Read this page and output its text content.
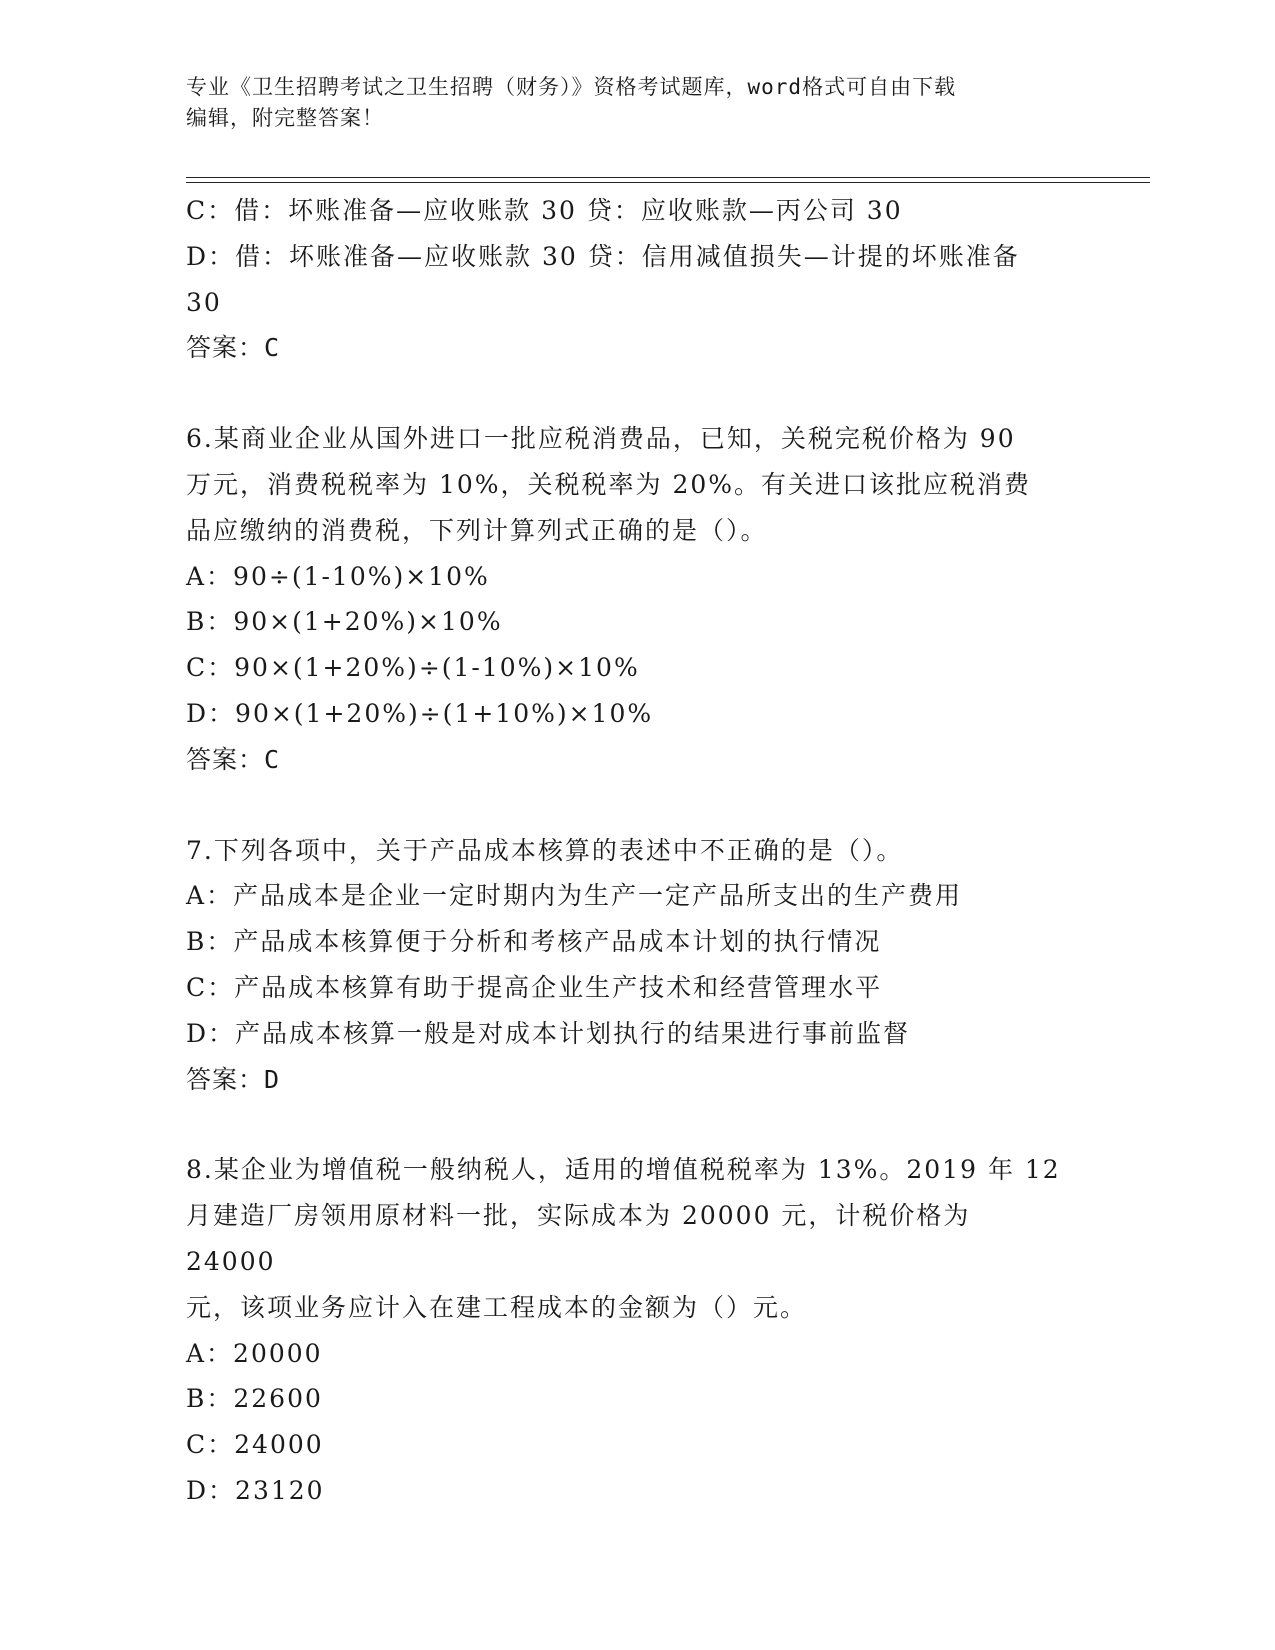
专业《卫生招聘考试之卫生招聘（财务）》资格考试题库，word格式可自由下载
编辑，附完整答案！
C：借：坏账准备—应收账款 30 贷：应收账款—丙公司 30
D：借：坏账准备—应收账款 30 贷：信用减值损失—计提的坏账准备
30
答案：C
6.某商业企业从国外进口一批应税消费品，已知，关税完税价格为 90
万元，消费税税率为 10%，关税税率为 20%。有关进口该批应税消费
品应缴纳的消费税，下列计算列式正确的是（）。
A：90÷(1-10%)×10%
B：90×(1+20%)×10%
C：90×(1+20%)÷(1-10%)×10%
D：90×(1+20%)÷(1+10%)×10%
答案：C
7.下列各项中，关于产品成本核算的表述中不正确的是（）。
A：产品成本是企业一定时期内为生产一定产品所支出的生产费用
B：产品成本核算便于分析和考核产品成本计划的执行情况
C：产品成本核算有助于提高企业生产技术和经营管理水平
D：产品成本核算一般是对成本计划执行的结果进行事前监督
答案：D
8.某企业为增值税一般纳税人，适用的增值税税率为 13%。2019 年 12
月建造厂房领用原材料一批，实际成本为 20000 元，计税价格为 24000
元，该项业务应计入在建工程成本的金额为（）元。
A：20000
B：22600
C：24000
D：23120
